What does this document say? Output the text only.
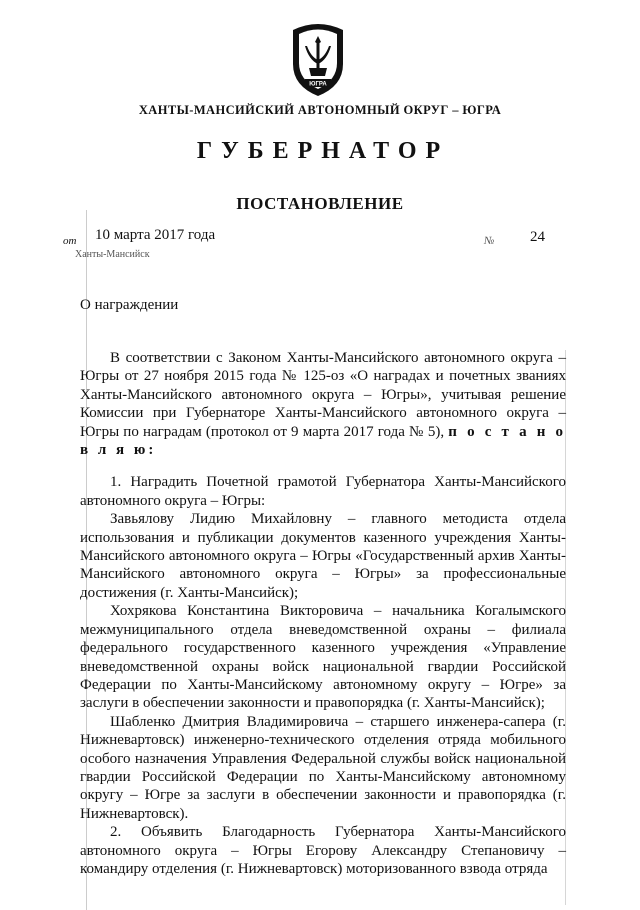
ЮГРА
ХАНТЫ-МАНСИЙСКИЙ АВТОНОМНЫЙ ОКРУГ – ЮГРА
ГУБЕРНАТОР
ПОСТАНОВЛЕНИЕ
от 10 марта 2017 года	№ 24
Ханты-Мансийск
О награждении

В соответствии с Законом Ханты-Мансийского автономного округа – Югры от 27 ноября 2015 года № 125-оз «О наградах и почетных званиях Ханты-Мансийского автономного округа – Югры», учитывая решение Комиссии при Губернаторе Ханты-Мансийского автономного округа – Югры по наградам (протокол от 9 марта 2017 года № 5), п о с т а н о в л я ю:

1. Наградить Почетной грамотой Губернатора Ханты-Мансийского автономного округа – Югры:

Завьялову Лидию Михайловну – главного методиста отдела использования и публикации документов казенного учреждения Ханты-Мансийского автономного округа – Югры «Государственный архив Ханты-Мансийского автономного округа – Югры» за профессиональные достижения (г. Ханты-Мансийск);

Хохрякова Константина Викторовича – начальника Когалымского межмуниципального отдела вневедомственной охраны – филиала федерального государственного казенного учреждения «Управление вневедомственной охраны войск национальной гвардии Российской Федерации по Ханты-Мансийскому автономному округу – Югре» за заслуги в обеспечении законности и правопорядка (г. Ханты-Мансийск);

Шабленко Дмитрия Владимировича – старшего инженера-сапера (г. Нижневартовск) инженерно-технического отделения отряда мобильного особого назначения Управления Федеральной службы войск национальной гвардии Российской Федерации по Ханты-Мансийскому автономному округу – Югре за заслуги в обеспечении законности и правопорядка (г. Нижневартовск).

2. Объявить Благодарность Губернатора Ханты-Мансийского автономного округа – Югры Егорову Александру Степановичу – командиру отделения (г. Нижневартовск) моторизованного взвода отряда
